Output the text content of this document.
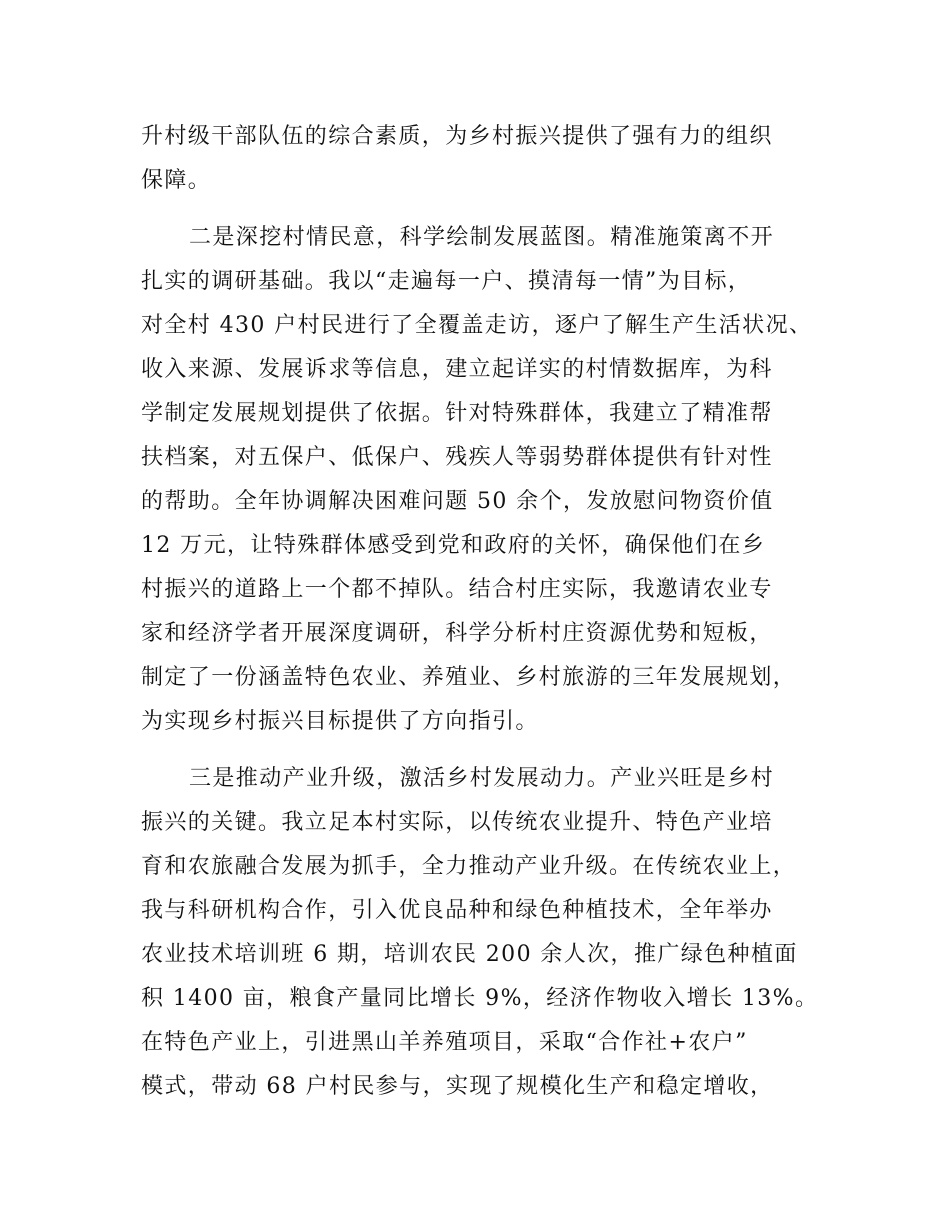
升村级干部队伍的综合素质，为乡村振兴提供了强有力的组织
保障。
二是深挖村情民意，科学绘制发展蓝图。精准施策离不开
扎实的调研基础。我以“走遍每一户、摸清每一情”为目标，
对全村 430 户村民进行了全覆盖走访，逐户了解生产生活状况、
收入来源、发展诉求等信息，建立起详实的村情数据库，为科
学制定发展规划提供了依据。针对特殊群体，我建立了精准帮
扶档案，对五保户、低保户、残疾人等弱势群体提供有针对性
的帮助。全年协调解决困难问题 50 余个，发放慰问物资价值
12 万元，让特殊群体感受到党和政府的关怀，确保他们在乡
村振兴的道路上一个都不掉队。结合村庄实际，我邀请农业专
家和经济学者开展深度调研，科学分析村庄资源优势和短板，
制定了一份涵盖特色农业、养殖业、乡村旅游的三年发展规划，
为实现乡村振兴目标提供了方向指引。
三是推动产业升级，激活乡村发展动力。产业兴旺是乡村
振兴的关键。我立足本村实际，以传统农业提升、特色产业培
育和农旅融合发展为抓手，全力推动产业升级。在传统农业上，
我与科研机构合作，引入优良品种和绿色种植技术，全年举办
农业技术培训班 6 期，培训农民 200 余人次，推广绿色种植面
积 1400 亩，粮食产量同比增长 9%，经济作物收入增长 13%。
在特色产业上，引进黑山羊养殖项目，采取“合作社+农户”
模式，带动 68 户村民参与，实现了规模化生产和稳定增收，
